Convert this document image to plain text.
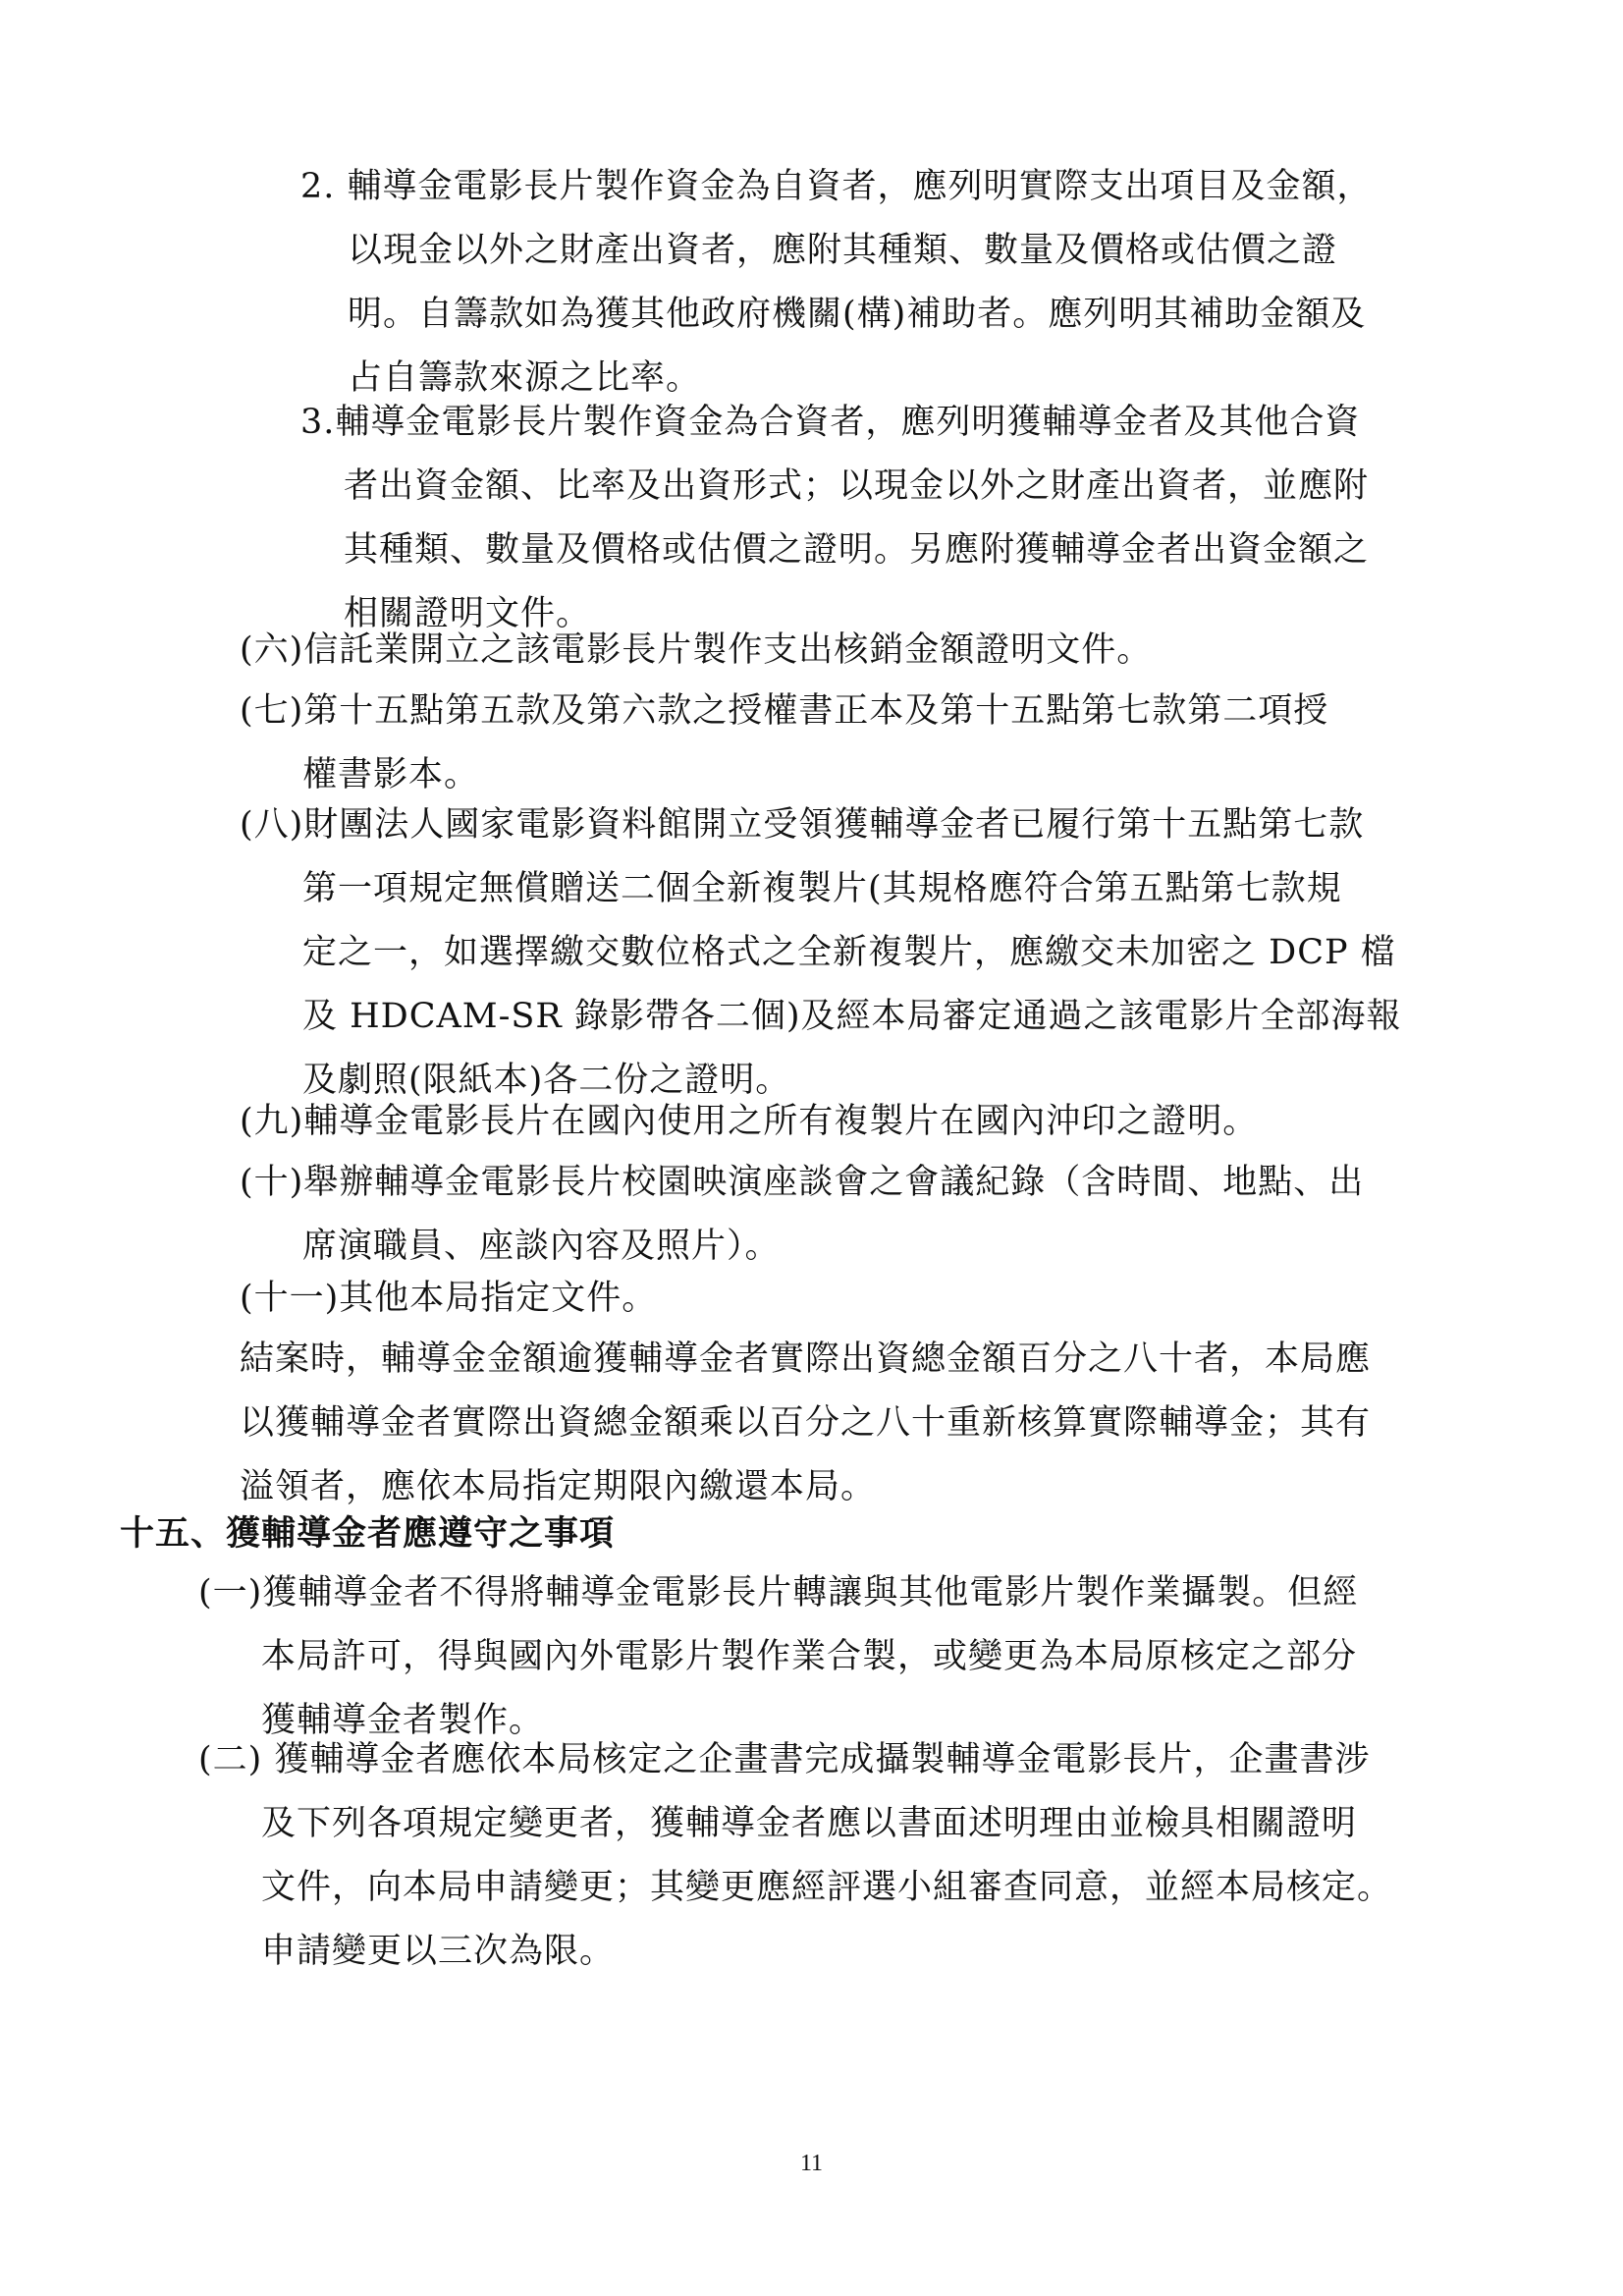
2. 輔導金電影長片製作資金為自資者，應列明實際支出項目及金額，
以現金以外之財產出資者，應附其種類、數量及價格或估價之證
明。自籌款如為獲其他政府機關(構)補助者。應列明其補助金額及
占自籌款來源之比率。
3.輔導金電影長片製作資金為合資者，應列明獲輔導金者及其他合資
者出資金額、比率及出資形式；以現金以外之財產出資者，並應附
其種類、數量及價格或估價之證明。另應附獲輔導金者出資金額之
相關證明文件。
(六)信託業開立之該電影長片製作支出核銷金額證明文件。
(七)第十五點第五款及第六款之授權書正本及第十五點第七款第二項授
權書影本。
(八)財團法人國家電影資料館開立受領獲輔導金者已履行第十五點第七款
第一項規定無償贈送二個全新複製片(其規格應符合第五點第七款規
定之一，如選擇繳交數位格式之全新複製片，應繳交未加密之 DCP 檔
及 HDCAM-SR 錄影帶各二個)及經本局審定通過之該電影片全部海報
及劇照(限紙本)各二份之證明。
(九)輔導金電影長片在國內使用之所有複製片在國內沖印之證明。
(十)舉辦輔導金電影長片校園映演座談會之會議紀錄（含時間、地點、出
席演職員、座談內容及照片）。
(十一)其他本局指定文件。
結案時，輔導金金額逾獲輔導金者實際出資總金額百分之八十者，本局應
以獲輔導金者實際出資總金額乘以百分之八十重新核算實際輔導金；其有
溢領者，應依本局指定期限內繳還本局。
十五、獲輔導金者應遵守之事項
(一)獲輔導金者不得將輔導金電影長片轉讓與其他電影片製作業攝製。但經
本局許可，得與國內外電影片製作業合製，或變更為本局原核定之部分
獲輔導金者製作。
(二) 獲輔導金者應依本局核定之企畫書完成攝製輔導金電影長片，企畫書涉
及下列各項規定變更者，獲輔導金者應以書面述明理由並檢具相關證明
文件，向本局申請變更；其變更應經評選小組審查同意，並經本局核定。
申請變更以三次為限。
11
